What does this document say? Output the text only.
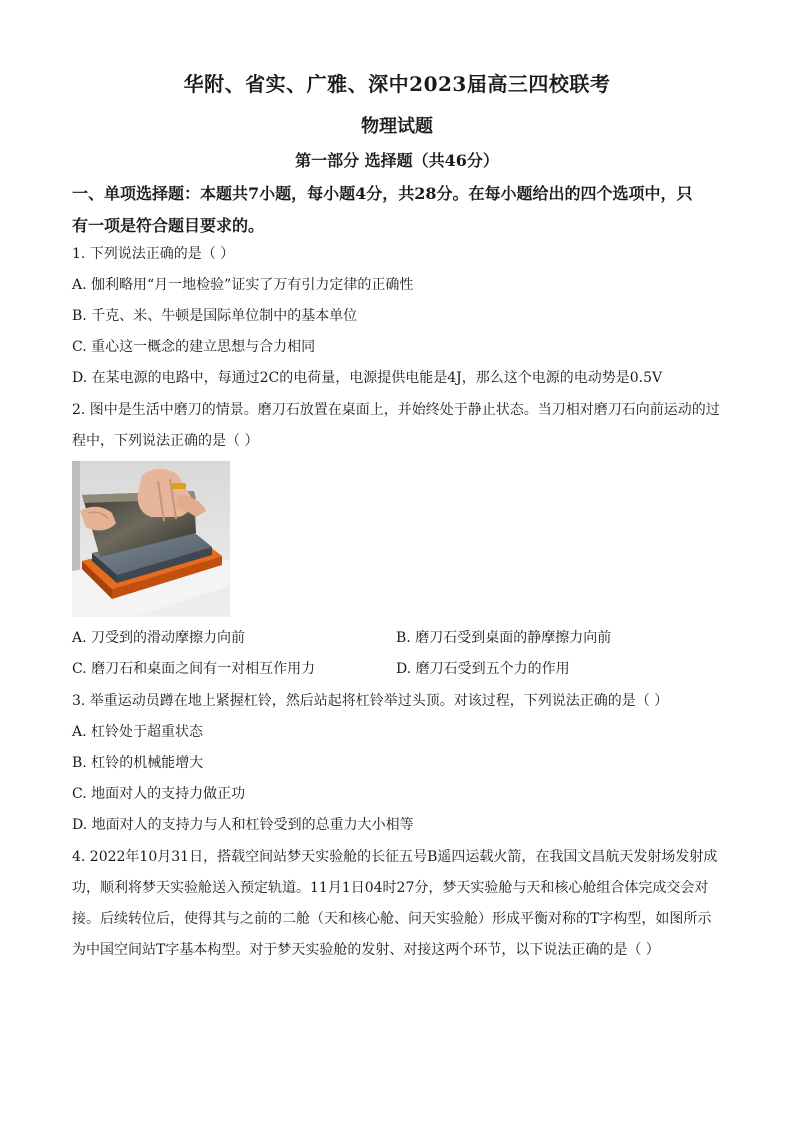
华附、省实、广雅、深中2023届高三四校联考
物理试题
第一部分 选择题（共46分）
一、单项选择题：本题共7小题，每小题4分，共28分。在每小题给出的四个选项中，只
有一项是符合题目要求的。
1. 下列说法正确的是（ ）
A. 伽利略用“月一地检验”证实了万有引力定律的正确性
B. 千克、米、牛顿是国际单位制中的基本单位
C. 重心这一概念的建立思想与合力相同
D. 在某电源的电路中，每通过2C的电荷量，电源提供电能是4J，那么这个电源的电动势是0.5V
2. 图中是生活中磨刀的情景。磨刀石放置在桌面上，并始终处于静止状态。当刀相对磨刀石向前运动的过
程中，下列说法正确的是（ ）
A. 刀受到的滑动摩擦力向前	B. 磨刀石受到桌面的静摩擦力向前
C. 磨刀石和桌面之间有一对相互作用力	D. 磨刀石受到五个力的作用
3. 举重运动员蹲在地上紧握杠铃，然后站起将杠铃举过头顶。对该过程，下列说法正确的是（ ）
A. 杠铃处于超重状态
B. 杠铃的机械能增大
C. 地面对人的支持力做正功
D. 地面对人的支持力与人和杠铃受到的总重力大小相等
4. 2022年10月31日，搭载空间站梦天实验舱的长征五号B遥四运载火箭，在我国文昌航天发射场发射成
功，顺利将梦天实验舱送入预定轨道。11月1日04时27分，梦天实验舱与天和核心舱组合体完成交会对
接。后续转位后，使得其与之前的二舱（天和核心舱、问天实验舱）形成平衡对称的T字构型，如图所示
为中国空间站T字基本构型。对于梦天实验舱的发射、对接这两个环节，以下说法正确的是（ ）
